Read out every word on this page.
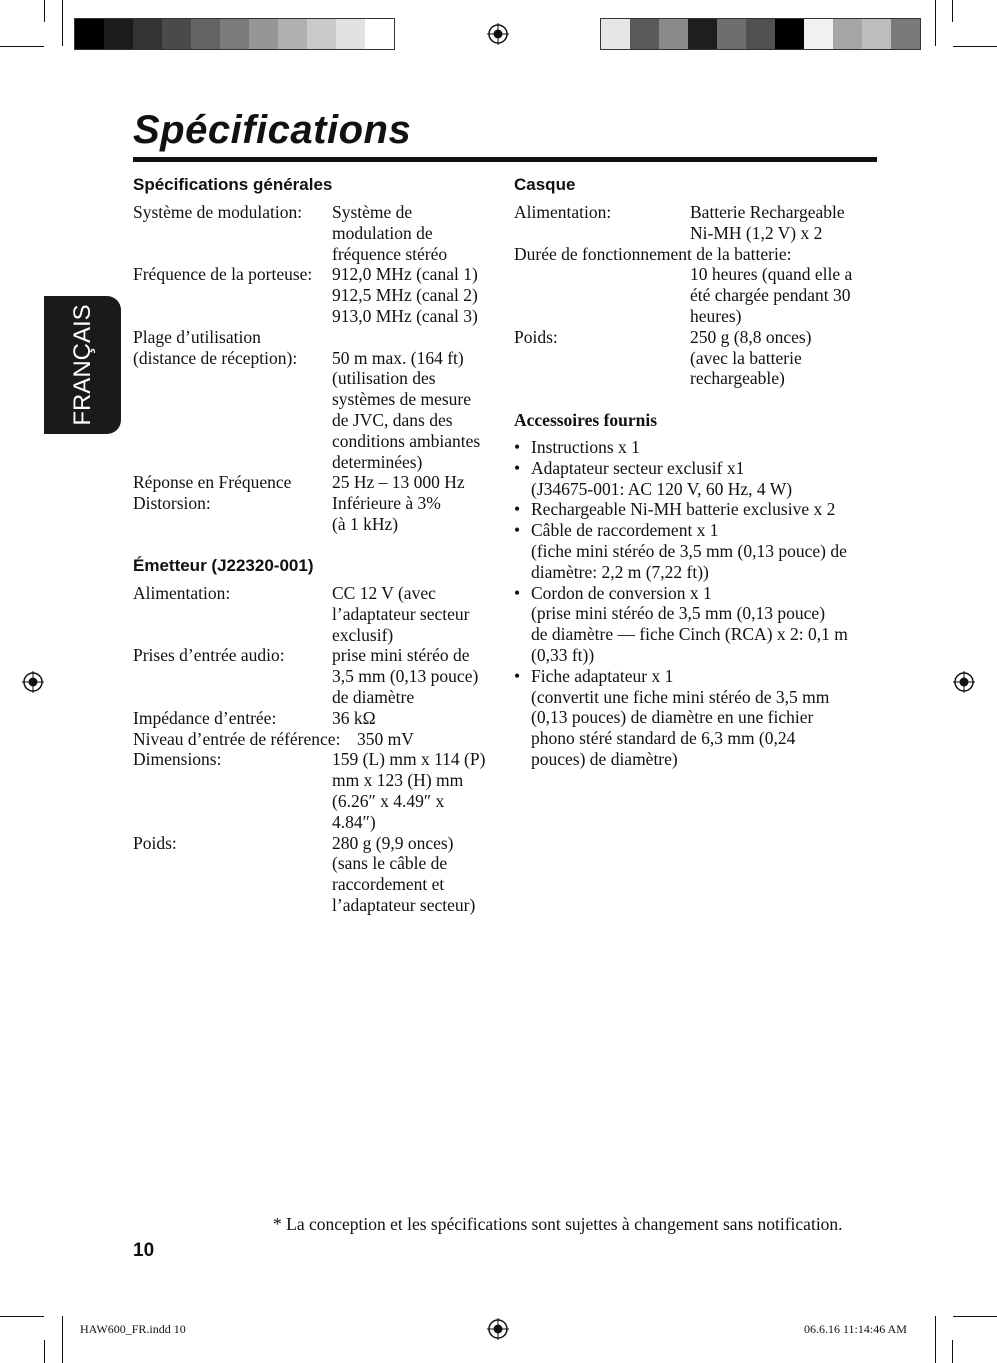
Spécifications
FRANÇAIS
Spécifications générales
Système de modulation: Système de
modulation de
fréquence stéréo
Fréquence de la porteuse: 912,0 MHz (canal 1)
912,5 MHz (canal 2)
913,0 MHz (canal 3)
Plage d’utilisation
(distance de réception):
50 m max. (164 ft)
(utilisation des
systèmes de mesure
de JVC, dans des
conditions ambiantes
determinées)
Réponse en Fréquence 25 Hz – 13 000 Hz
Distorsion:	Inférieure à 3%
(à 1 kHz)
Émetteur (J22320-001)
Alimentation:	CC 12 V (avec
l’adaptateur secteur
exclusif)
Prises d’entrée audio:	prise mini stéréo de
3,5 mm (0,13 pouce)
de diamètre
Impédance d’entrée:	36 kΩ
Niveau d’entrée de référence: 350 mV
Dimensions:	159 (L) mm x 114 (P)
mm x 123 (H) mm
(6.26″ x 4.49″ x
4.84″)
Poids:	280 g (9,9 onces)
(sans le câble de
raccordement et
l’adaptateur secteur)
Casque
Alimentation:	Batterie Rechargeable
Ni-MH (1,2 V) x 2
Durée de fonctionnement de la batterie:

10 heures (quand elle a
été chargée pendant 30
heures)
Poids:	250 g (8,8 onces)
(avec la batterie
rechargeable)
Accessoires fournis
• Instructions x 1
• Adaptateur secteur exclusif x1
(J34675-001: AC 120 V, 60 Hz, 4 W)
• Rechargeable Ni-MH batterie exclusive x 2
• Câble de raccordement x 1
(fiche mini stéréo de 3,5 mm (0,13 pouce) de
diamètre: 2,2 m (7,22 ft))
• Cordon de conversion x 1
(prise mini stéréo de 3,5 mm (0,13 pouce)
de diamètre — fiche Cinch (RCA) x 2: 0,1 m
(0,33 ft))
• Fiche adaptateur x 1
(convertit une fiche mini stéréo de 3,5 mm
(0,13 pouces) de diamètre en une fichier
phono stéré standard de 6,3 mm (0,24
pouces) de diamètre)
* La conception et les spécifications sont sujettes à changement sans notification.
10
HAW600_FR.indd 10	06.6.16 11:14:46 AM
